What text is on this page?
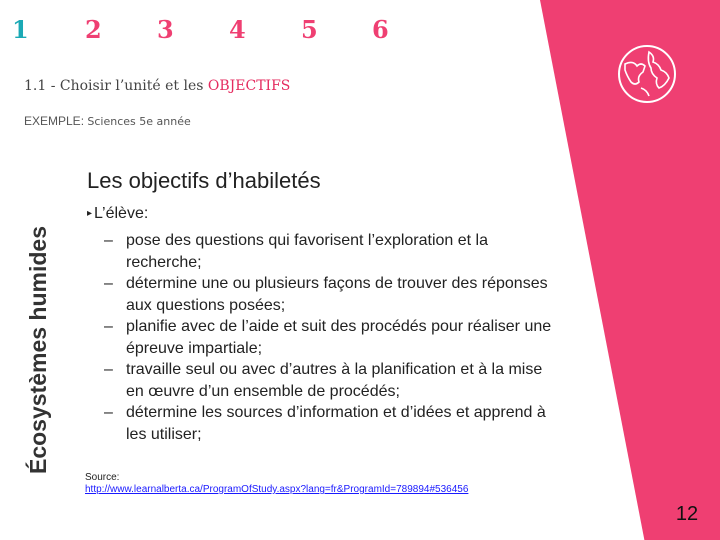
1 2 3 4 5 6
1.1 - Choisir l’unité et les OBJECTIFS
EXEMPLE: Sciences 5e année
Écosystèmes humides
Les objectifs d’habiletés
▸ L’élève:
– pose des questions qui favorisent l’exploration et la recherche;
– détermine une ou plusieurs façons de trouver des réponses aux questions posées;
– planifie avec de l’aide et suit des procédés pour réaliser une épreuve impartiale;
– travaille seul ou avec d’autres à la planification et à la mise en œuvre d’un ensemble de procédés;
– détermine les sources d’information et d’idées et apprend à les utiliser;
Source:
http://www.learnalberta.ca/ProgramOfStudy.aspx?lang=fr&ProgramId=789894#536456
12
